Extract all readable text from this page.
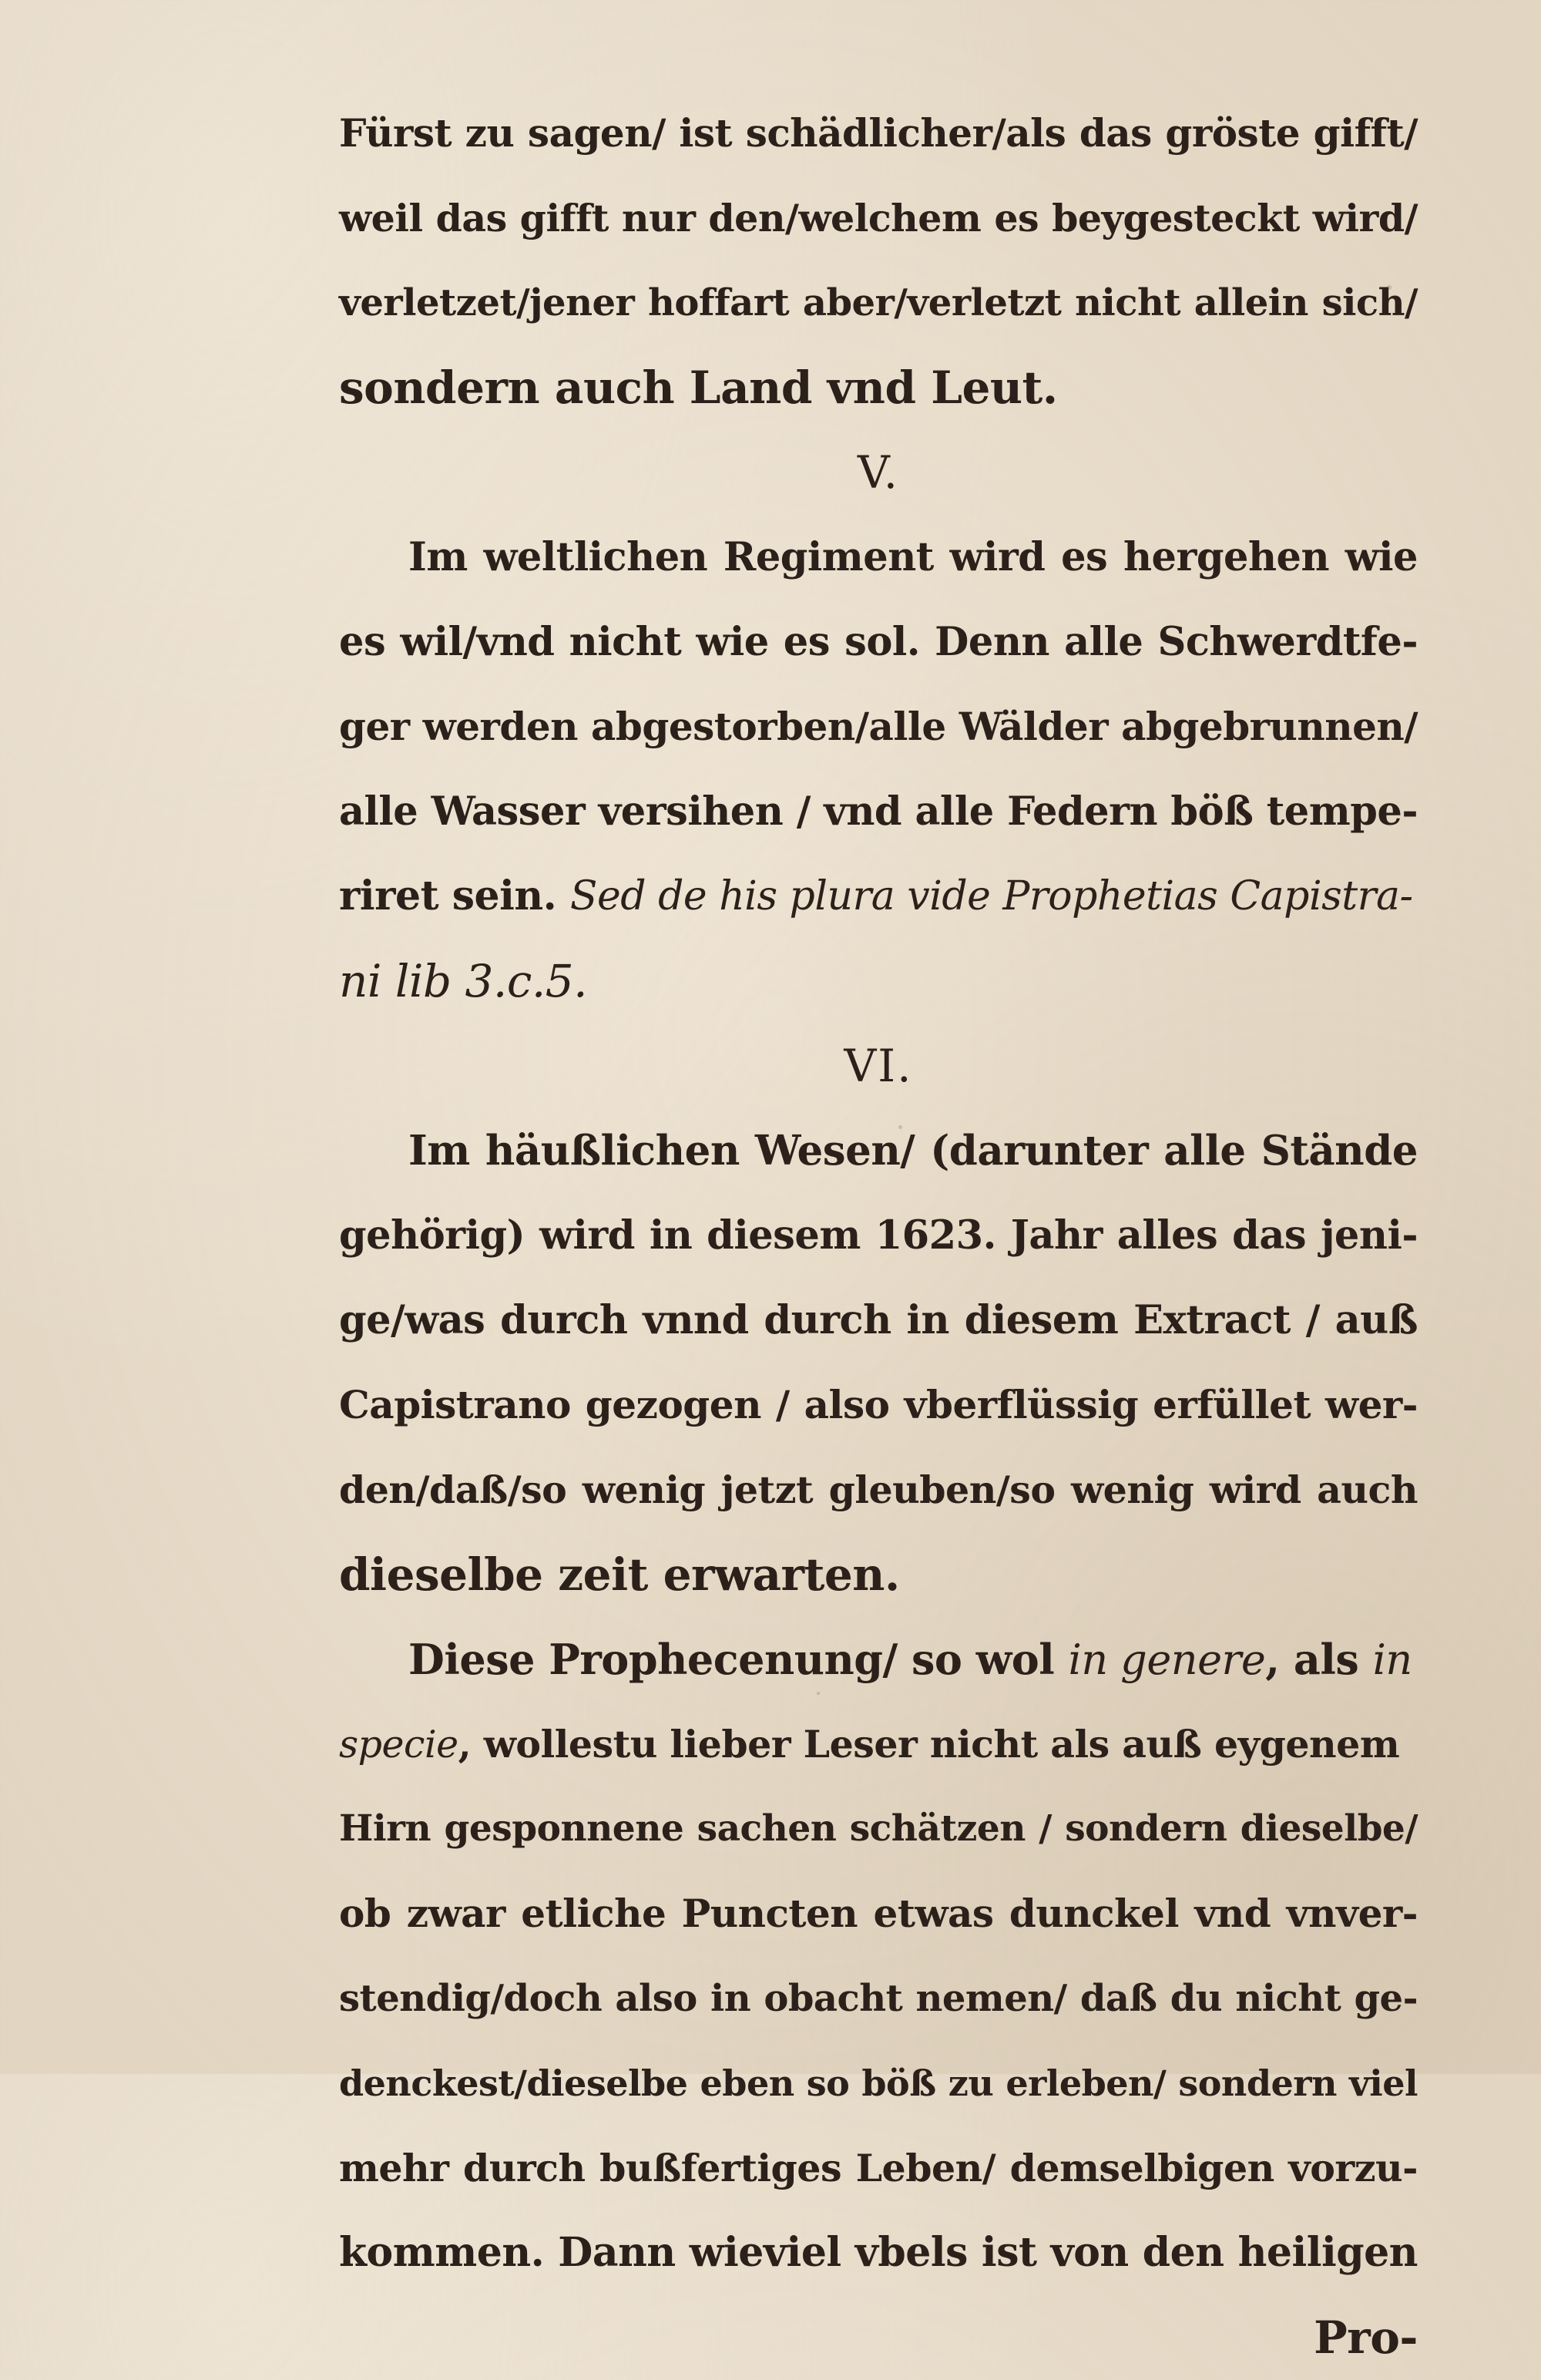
Fürst zu sagen/ ist schädlicher/als das gröste gifft/
weil das gifft nur den/welchem es beygesteckt wird/
verletzet/jener hoffart aber/verletzt nicht allein sich/
sondern auch Land vnd Leut.
V.
Im weltlichen Regiment wird es hergehen wie
es wil/vnd nicht wie es sol. Denn alle Schwerdtfe-
ger werden abgestorben/alle Wälder abgebrunnen/
alle Wasser versihen / vnd alle Federn böß tempe-
riret sein. Sed de his plura vide Prophetias Capistra-
ni lib 3.c.5.
VI.
Im häußlichen Wesen/ (darunter alle Stände
gehörig) wird in diesem 1623. Jahr alles das jeni-
ge/was durch vnnd durch in diesem Extract / auß
Capistrano gezogen / also vberflüssig erfüllet wer-
den/daß/so wenig jetzt gleuben/so wenig wird auch
dieselbe zeit erwarten.
Diese Prophecenung/ so wol in genere, als in
specie, wollestu lieber Leser nicht als auß eygenem
Hirn gesponnene sachen schätzen / sondern dieselbe/
ob zwar etliche Puncten etwas dunckel vnd vnver-
stendig/doch also in obacht nemen/ daß du nicht ge-
denckest/dieselbe eben so böß zu erleben/ sondern viel
mehr durch bußfertiges Leben/ demselbigen vorzu-
kommen. Dann wieviel vbels ist von den heiligen
Pro-
